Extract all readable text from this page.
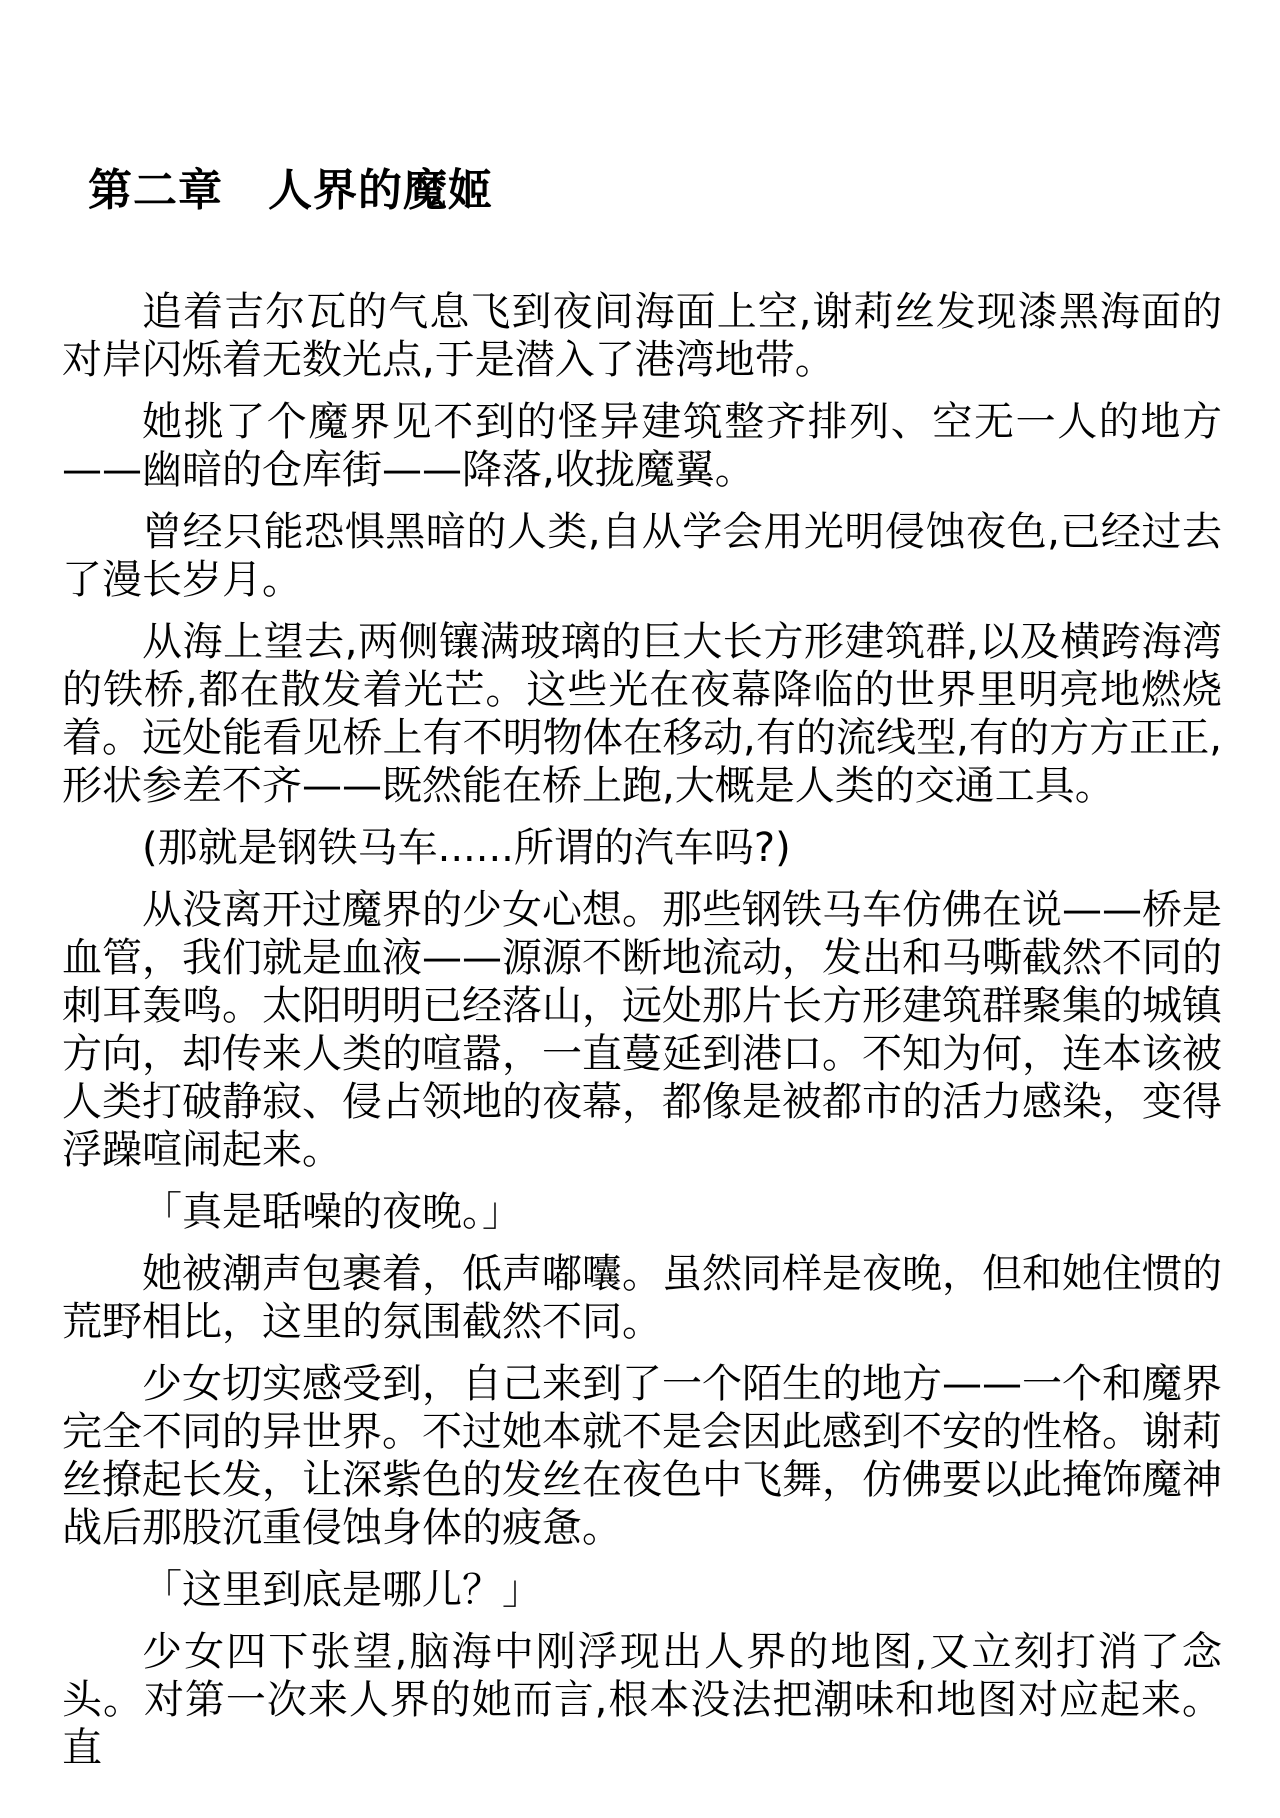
第二章　人界的魔姬

追着吉尔瓦的气息飞到夜间海面上空,谢莉丝发现漆黑海面的对岸闪烁着无数光点,于是潜入了港湾地带。

她挑了个魔界见不到的怪异建筑整齐排列、空无一人的地方——幽暗的仓库街——降落,收拢魔翼。

曾经只能恐惧黑暗的人类,自从学会用光明侵蚀夜色,已经过去了漫长岁月。

从海上望去,两侧镶满玻璃的巨大长方形建筑群,以及横跨海湾的铁桥,都在散发着光芒。这些光在夜幕降临的世界里明亮地燃烧着。远处能看见桥上有不明物体在移动,有的流线型,有的方方正正,形状参差不齐——既然能在桥上跑,大概是人类的交通工具。

(那就是钢铁马车......所谓的汽车吗?)

从没离开过魔界的少女心想。那些钢铁马车仿佛在说——桥是血管，我们就是血液——源源不断地流动，发出和马嘶截然不同的刺耳轰鸣。太阳明明已经落山，远处那片长方形建筑群聚集的城镇方向，却传来人类的喧嚣，一直蔓延到港口。不知为何，连本该被人类打破静寂、侵占领地的夜幕，都像是被都市的活力感染，变得浮躁喧闹起来。

「真是聒噪的夜晚。」

她被潮声包裹着，低声嘟囔。虽然同样是夜晚，但和她住惯的荒野相比，这里的氛围截然不同。

少女切实感受到，自己来到了一个陌生的地方——一个和魔界完全不同的异世界。不过她本就不是会因此感到不安的性格。谢莉丝撩起长发，让深紫色的发丝在夜色中飞舞，仿佛要以此掩饰魔神战后那股沉重侵蚀身体的疲惫。

「这里到底是哪儿？」

少女四下张望,脑海中刚浮现出人界的地图,又立刻打消了念头。对第一次来人界的她而言,根本没法把潮味和地图对应起来。直
